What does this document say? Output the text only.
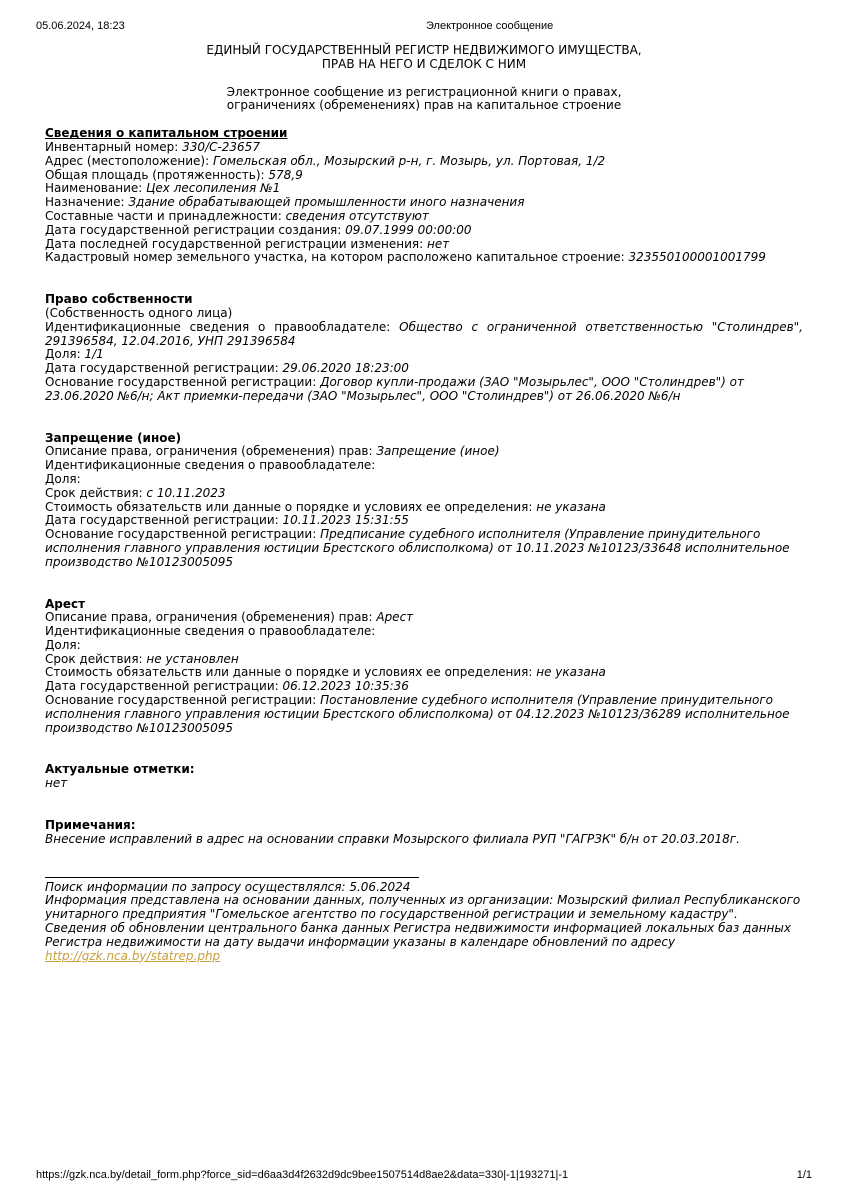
05.06.2024, 18:23	Электронное сообщение
ЕДИНЫЙ ГОСУДАРСТВЕННЫЙ РЕГИСТР НЕДВИЖИМОГО ИМУЩЕСТВА,
ПРАВ НА НЕГО И СДЕЛОК С НИМ
Электронное сообщение из регистрационной книги о правах,
ограничениях (обременениях) прав на капитальное строение
Сведения о капитальном строении
Инвентарный номер: 330/С-23657
Адрес (местоположение): Гомельская обл., Мозырский р-н, г. Мозырь, ул. Портовая, 1/2
Общая площадь (протяженность): 578,9
Наименование: Цех лесопиления №1
Назначение: Здание обрабатывающей промышленности иного назначения
Составные части и принадлежности: сведения отсутствуют
Дата государственной регистрации создания: 09.07.1999 00:00:00
Дата последней государственной регистрации изменения: нет
Кадастровый номер земельного участка, на котором расположено капитальное строение: 323550100001001799
Право собственности
(Собственность одного лица)
Идентификационные сведения о правообладателе: Общество с ограниченной ответственностью "Столиндрев", 291396584, 12.04.2016, УНП 291396584
Доля: 1/1
Дата государственной регистрации: 29.06.2020 18:23:00
Основание государственной регистрации: Договор купли-продажи (ЗАО "Мозырьлес", ООО "Столиндрев") от 23.06.2020 №6/н; Акт приемки-передачи (ЗАО "Мозырьлес", ООО "Столиндрев") от 26.06.2020 №6/н
Запрещение (иное)
Описание права, ограничения (обременения) прав: Запрещение (иное)
Идентификационные сведения о правообладателе:
Доля:
Срок действия: с 10.11.2023
Стоимость обязательств или данные о порядке и условиях ее определения: не указана
Дата государственной регистрации: 10.11.2023 15:31:55
Основание государственной регистрации: Предписание судебного исполнителя (Управление принудительного исполнения главного управления юстиции Брестского облисполкома) от 10.11.2023 №10123/33648 исполнительное производство №10123005095
Арест
Описание права, ограничения (обременения) прав: Арест
Идентификационные сведения о правообладателе:
Доля:
Срок действия: не установлен
Стоимость обязательств или данные о порядке и условиях ее определения: не указана
Дата государственной регистрации: 06.12.2023 10:35:36
Основание государственной регистрации: Постановление судебного исполнителя (Управление принудительного исполнения главного управления юстиции Брестского облисполкома) от 04.12.2023 №10123/36289 исполнительное производство №10123005095
Актуальные отметки:
нет
Примечания:
Внесение исправлений в адрес на основании справки Мозырского филиала РУП "ГАГРЗК" б/н от 20.03.2018г.
Поиск информации по запросу осуществлялся: 5.06.2024
Информация представлена на основании данных, полученных из организации: Мозырский филиал Республиканского унитарного предприятия "Гомельское агентство по государственной регистрации и земельному кадастру".
Сведения об обновлении центрального банка данных Регистра недвижимости информацией локальных баз данных Регистра недвижимости на дату выдачи информации указаны в календаре обновлений по адресу
http://gzk.nca.by/statrep.php
https://gzk.nca.by/detail_form.php?force_sid=d6aa3d4f2632d9dc9bee1507514d8ae2&data=330|-1|193271|-1	1/1
